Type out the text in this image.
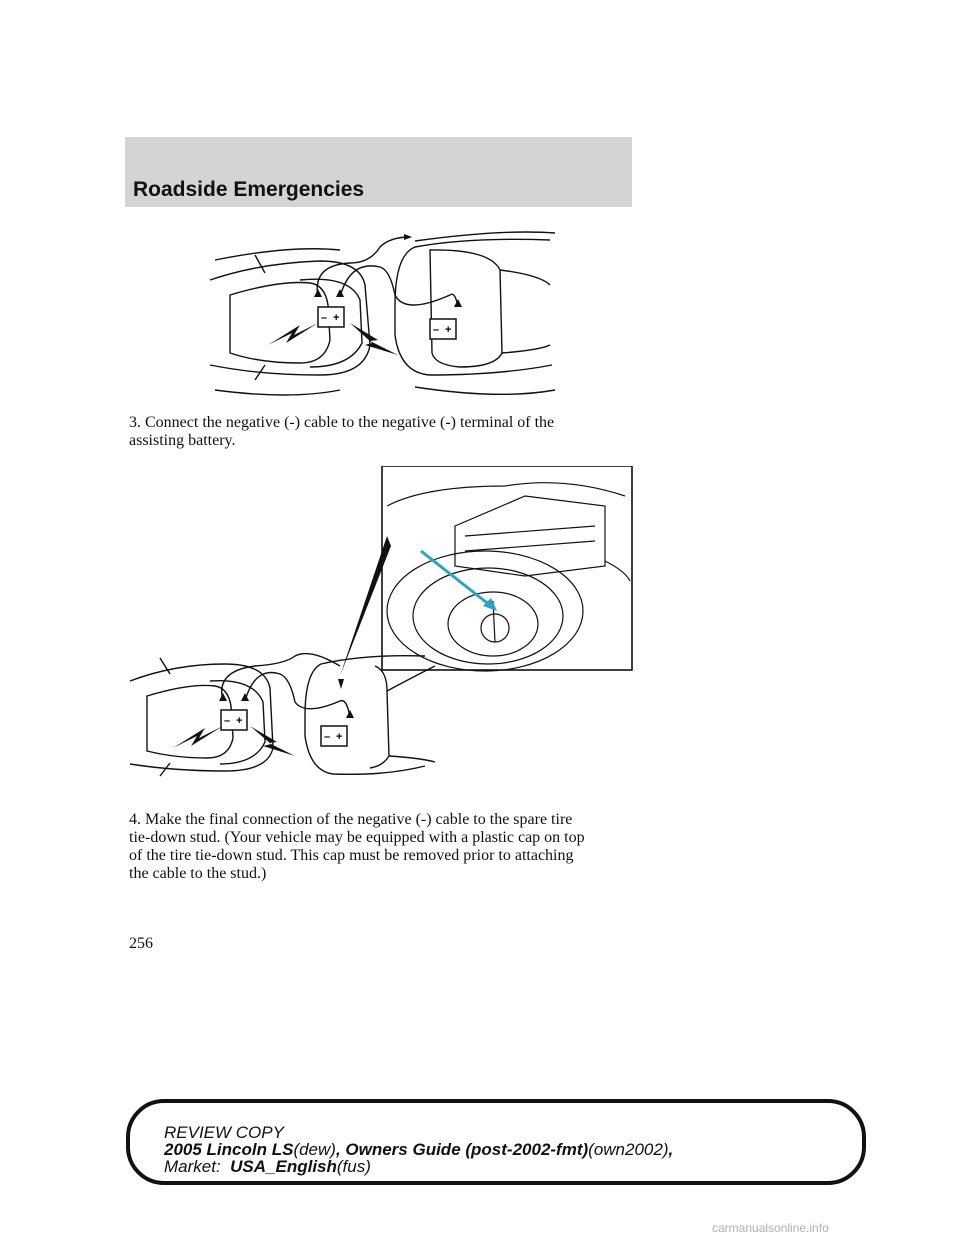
Roadside Emergencies
– +
– +

3. Connect the negative (-) cable to the negative (-) terminal of the
assisting battery.

– +
– +

4. Make the final connection of the negative (-) cable to the spare tire
tie-down stud. (Your vehicle may be equipped with a plastic cap on top
of the tire tie-down stud. This cap must be removed prior to attaching
the cable to the stud.)

256

REVIEW COPY
2005 Lincoln LS(dew), Owners Guide (post-2002-fmt)(own2002),
Market: USA_English(fus)

carmanualsonline.info
